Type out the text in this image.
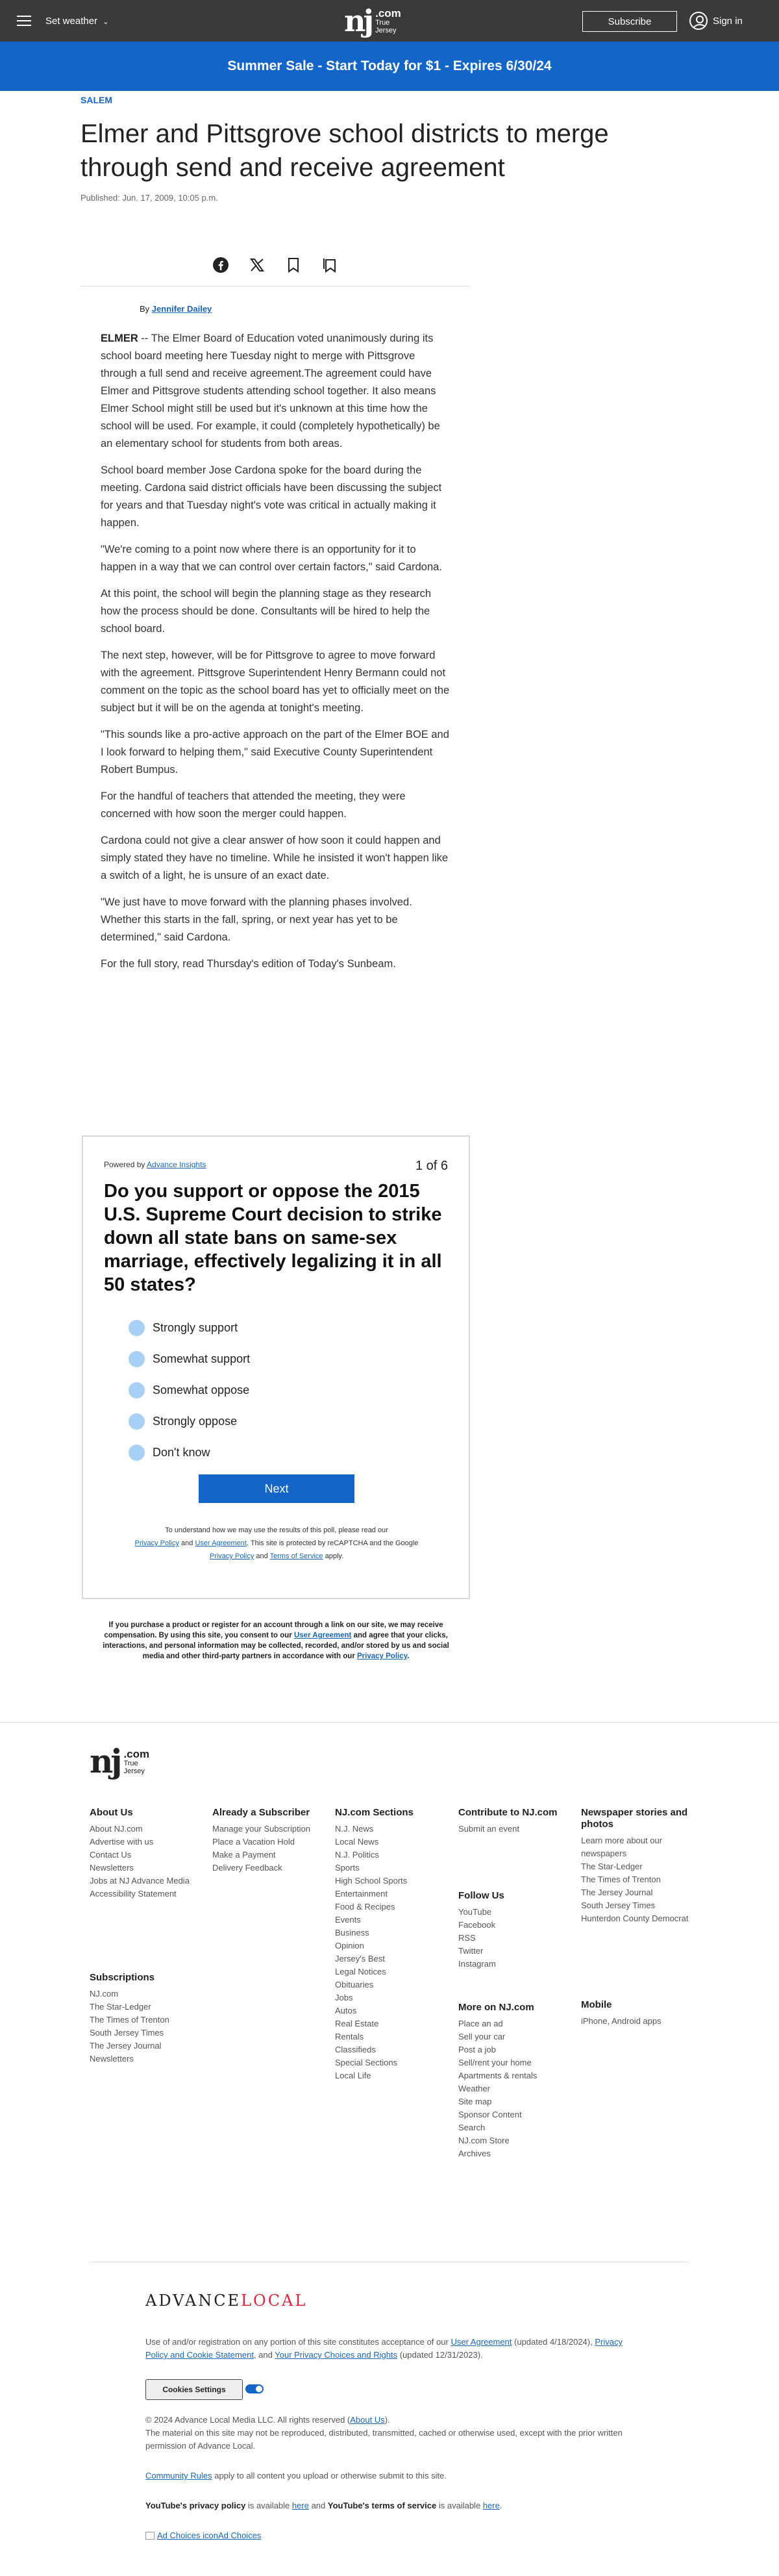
Set weather ⌄	nj .com
True
Jersey
Subscribe	Sign in
Summer Sale - Start Today for $1 - Expires 6/30/24
SALEM
Elmer and Pittsgrove school districts to merge through send and receive agreement
Published: Jun. 17, 2009, 10:05 p.m.
By Jennifer Dailey

ELMER -- The Elmer Board of Education voted unanimously during its school board meeting here Tuesday night to merge with Pittsgrove through a full send and receive agreement.The agreement could have Elmer and Pittsgrove students attending school together. It also means Elmer School might still be used but it's unknown at this time how the school will be used. For example, it could (completely hypothetically) be an elementary school for students from both areas.

School board member Jose Cardona spoke for the board during the meeting. Cardona said district officials have been discussing the subject for years and that Tuesday night's vote was critical in actually making it happen.

"We're coming to a point now where there is an opportunity for it to happen in a way that we can control over certain factors," said Cardona.

At this point, the school will begin the planning stage as they research how the process should be done. Consultants will be hired to help the school board.

The next step, however, will be for Pittsgrove to agree to move forward with the agreement. Pittsgrove Superintendent Henry Bermann could not comment on the topic as the school board has yet to officially meet on the subject but it will be on the agenda at tonight's meeting.

"This sounds like a pro-active approach on the part of the Elmer BOE and I look forward to helping them," said Executive County Superintendent Robert Bumpus.

For the handful of teachers that attended the meeting, they were concerned with how soon the merger could happen.

Cardona could not give a clear answer of how soon it could happen and simply stated they have no timeline. While he insisted it won't happen like a switch of a light, he is unsure of an exact date.

"We just have to move forward with the planning phases involved. Whether this starts in the fall, spring, or next year has yet to be determined," said Cardona.

For the full story, read Thursday's edition of Today's Sunbeam.

Powered by Advance Insights	1 of 6
Do you support or oppose the 2015 U.S. Supreme Court decision to strike down all state bans on same-sex marriage, effectively legalizing it in all 50 states?
Strongly support
Somewhat support
Somewhat oppose
Strongly oppose
Don't know
Next
To understand how we may use the results of this poll, please read our
Privacy Policy and User Agreement. This site is protected by reCAPTCHA and the Google
Privacy Policy and Terms of Service apply.
If you purchase a product or register for an account through a link on our site, we may receive compensation. By using this site, you consent to our User Agreement and agree that your clicks, interactions, and personal information may be collected, recorded, and/or stored by us and social media and other third-party partners in accordance with our Privacy Policy.
nj .com
True
Jersey
About Us
About NJ.com
Advertise with us
Contact Us
Newsletters
Jobs at NJ Advance Media
Accessibility Statement
Subscriptions
NJ.com
The Star-Ledger
The Times of Trenton
South Jersey Times
The Jersey Journal
Newsletters
Already a Subscriber
Manage your Subscription
Place a Vacation Hold
Make a Payment
Delivery Feedback
NJ.com Sections
N.J. News
Local News
N.J. Politics
Sports
High School Sports
Entertainment
Food & Recipes
Events
Business
Opinion
Jersey's Best
Legal Notices
Obituaries
Jobs
Autos
Real Estate
Rentals
Classifieds
Special Sections
Local Life
Contribute to NJ.com
Submit an event
Follow Us
YouTube
Facebook
RSS
Twitter
Instagram
More on NJ.com
Place an ad
Sell your car
Post a job
Sell/rent your home
Apartments & rentals
Weather
Site map
Sponsor Content
Search
NJ.com Store
Archives
Newspaper stories and photos
Learn more about our newspapers
The Star-Ledger
The Times of Trenton
The Jersey Journal
South Jersey Times
Hunterdon County Democrat
Mobile
iPhone, Android apps
ADVANCELOCAL
Use of and/or registration on any portion of this site constitutes acceptance of our User Agreement (updated 4/18/2024), Privacy Policy and Cookie Statement, and Your Privacy Choices and Rights (updated 12/31/2023).
Cookies Settings
© 2024 Advance Local Media LLC. All rights reserved (About Us).
The material on this site may not be reproduced, distributed, transmitted, cached or otherwise used, except with the prior written permission of Advance Local.
Community Rules apply to all content you upload or otherwise submit to this site.
YouTube's privacy policy is available here and YouTube's terms of service is available here.
Ad Choices iconAd Choices
